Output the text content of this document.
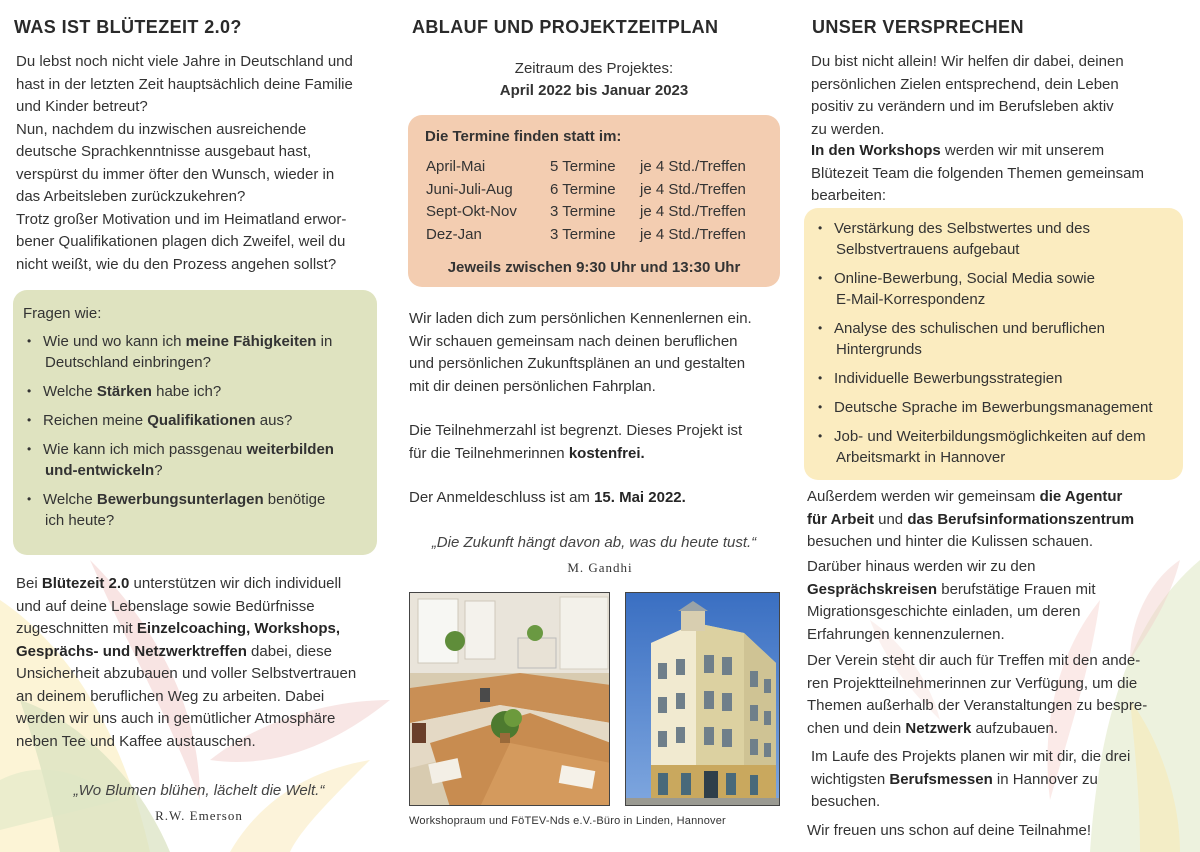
WAS IST BLÜTEZEIT 2.0?
Du lebst noch nicht viele Jahre in Deutschland und
hast in der letzten Zeit hauptsächlich deine Familie
und Kinder betreut?
Nun, nachdem du inzwischen ausreichende
deutsche Sprachkenntnisse ausgebaut hast,
verspürst du immer öfter den Wunsch, wieder in
das Arbeitsleben zurückzukehren?
Trotz großer Motivation und im Heimatland erwor-
bener Qualifikationen plagen dich Zweifel, weil du
nicht weißt, wie du den Prozess angehen sollst?
Fragen wie:
• Wie und wo kann ich meine Fähigkeiten in
Deutschland einbringen?
• Welche Stärken habe ich?
• Reichen meine Qualifikationen aus?
• Wie kann ich mich passgenau weiterbilden
und-entwickeln?
• Welche Bewerbungsunterlagen benötige
ich heute?
Bei Blütezeit 2.0 unterstützen wir dich individuell
und auf deine Lebenslage sowie Bedürfnisse
zugeschnitten mit Einzelcoaching, Workshops,
Gesprächs- und Netzwerktreffen dabei, diese
Unsicherheit abzubauen und voller Selbstvertrauen
an deinem beruflichen Weg zu arbeiten. Dabei
werden wir uns auch in gemütlicher Atmosphäre
neben Tee und Kaffee austauschen.
„Wo Blumen blühen, lächelt die Welt.“
R.W. Emerson
ABLAUF UND PROJEKTZEITPLAN
Zeitraum des Projektes:
April 2022 bis Januar 2023
Die Termine finden statt im:
April-Mai	5 Termine je 4 Std./Treffen
Juni-Juli-Aug 6 Termine je 4 Std./Treffen
Sept-Okt-Nov 3 Termine je 4 Std./Treffen
Dez-Jan	3 Termine je 4 Std./Treffen
Jeweils zwischen 9:30 Uhr und 13:30 Uhr
Wir laden dich zum persönlichen Kennenlernen ein.
Wir schauen gemeinsam nach deinen beruflichen
und persönlichen Zukunftsplänen an und gestalten
mit dir deinen persönlichen Fahrplan.
Die Teilnehmerzahl ist begrenzt. Dieses Projekt ist
für die Teilnehmerinnen kostenfrei.
Der Anmeldeschluss ist am 15. Mai 2022.
„Die Zukunft hängt davon ab, was du heute tust.“
M. Gandhi
Workshopraum und FöTEV-Nds e.V.-Büro in Linden, Hannover
UNSER VERSPRECHEN
Du bist nicht allein! Wir helfen dir dabei, deinen
persönlichen Zielen entsprechend, dein Leben
positiv zu verändern und im Berufsleben aktiv
zu werden.
In den Workshops werden wir mit unserem
Blütezeit Team die folgenden Themen gemeinsam
bearbeiten:
• Verstärkung des Selbstwertes und des
Selbstvertrauens aufgebaut
• Online-Bewerbung, Social Media sowie
E-Mail-Korrespondenz
• Analyse des schulischen und beruflichen
Hintergrunds
• Individuelle Bewerbungsstrategien
• Deutsche Sprache im Bewerbungsmanagement
• Job- und Weiterbildungsmöglichkeiten auf dem
Arbeitsmarkt in Hannover
Außerdem werden wir gemeinsam die Agentur
für Arbeit und das Berufsinformationszentrum
besuchen und hinter die Kulissen schauen.
Darüber hinaus werden wir zu den
Gesprächskreisen berufstätige Frauen mit
Migrationsgeschichte einladen, um deren
Erfahrungen kennenzulernen.
Der Verein steht dir auch für Treffen mit den ande-
ren Projektteilnehmerinnen zur Verfügung, um die
Themen außerhalb der Veranstaltungen zu bespre-
chen und dein Netzwerk aufzubauen.
Im Laufe des Projekts planen wir mit dir, die drei
wichtigsten Berufsmessen in Hannover zu
besuchen.
Wir freuen uns schon auf deine Teilnahme!
